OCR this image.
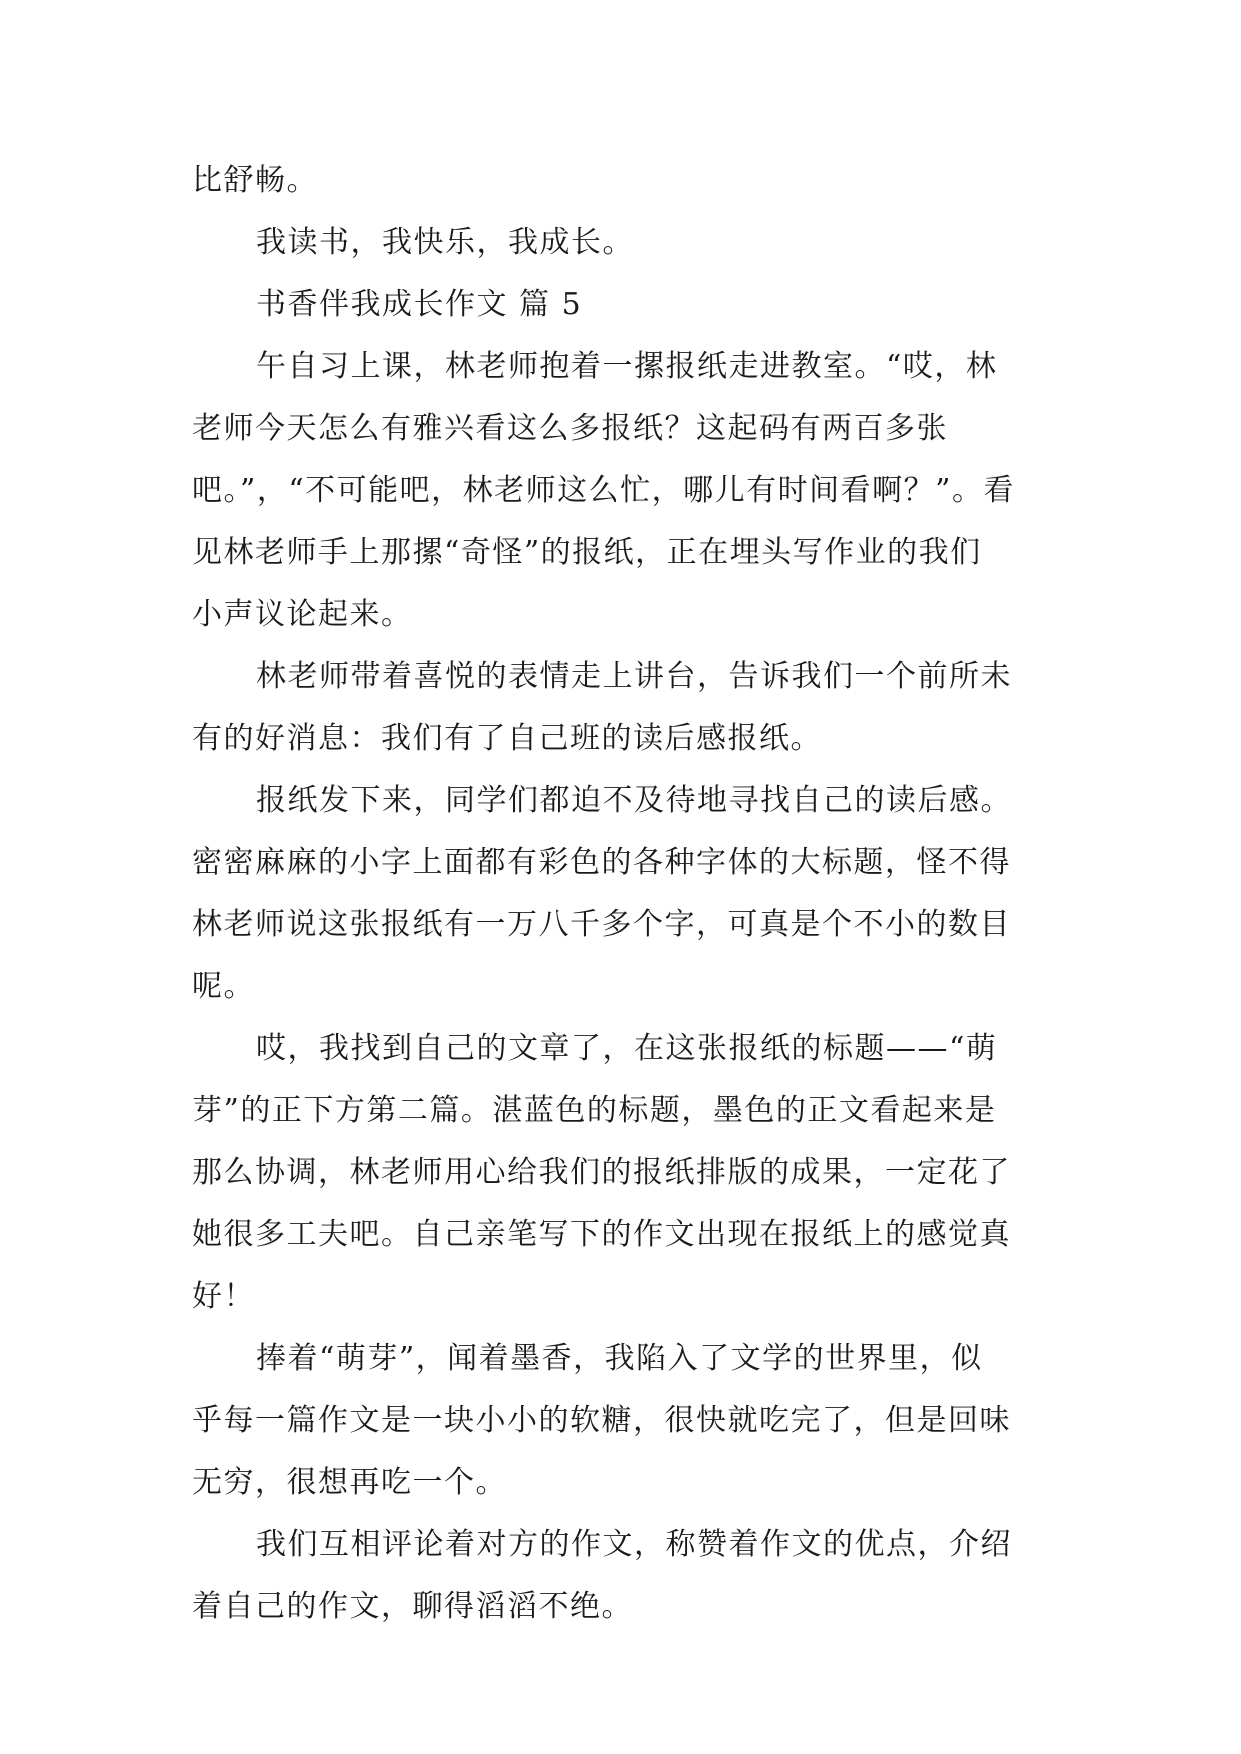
比舒畅。
我读书，我快乐，我成长。
书香伴我成长作文 篇 5
午自习上课，林老师抱着一摞报纸走进教室。“哎，林
老师今天怎么有雅兴看这么多报纸？这起码有两百多张
吧。”，“不可能吧，林老师这么忙，哪儿有时间看啊？”。看
见林老师手上那摞“奇怪”的报纸，正在埋头写作业的我们
小声议论起来。
林老师带着喜悦的表情走上讲台，告诉我们一个前所未
有的好消息：我们有了自己班的读后感报纸。
报纸发下来，同学们都迫不及待地寻找自己的读后感。
密密麻麻的小字上面都有彩色的各种字体的大标题，怪不得
林老师说这张报纸有一万八千多个字，可真是个不小的数目
呢。
哎，我找到自己的文章了，在这张报纸的标题——“萌
芽”的正下方第二篇。湛蓝色的标题，墨色的正文看起来是
那么协调，林老师用心给我们的报纸排版的成果，一定花了
她很多工夫吧。自己亲笔写下的作文出现在报纸上的感觉真
好！
捧着“萌芽”，闻着墨香，我陷入了文学的世界里，似
乎每一篇作文是一块小小的软糖，很快就吃完了，但是回味
无穷，很想再吃一个。
我们互相评论着对方的作文，称赞着作文的优点，介绍
着自己的作文，聊得滔滔不绝。
